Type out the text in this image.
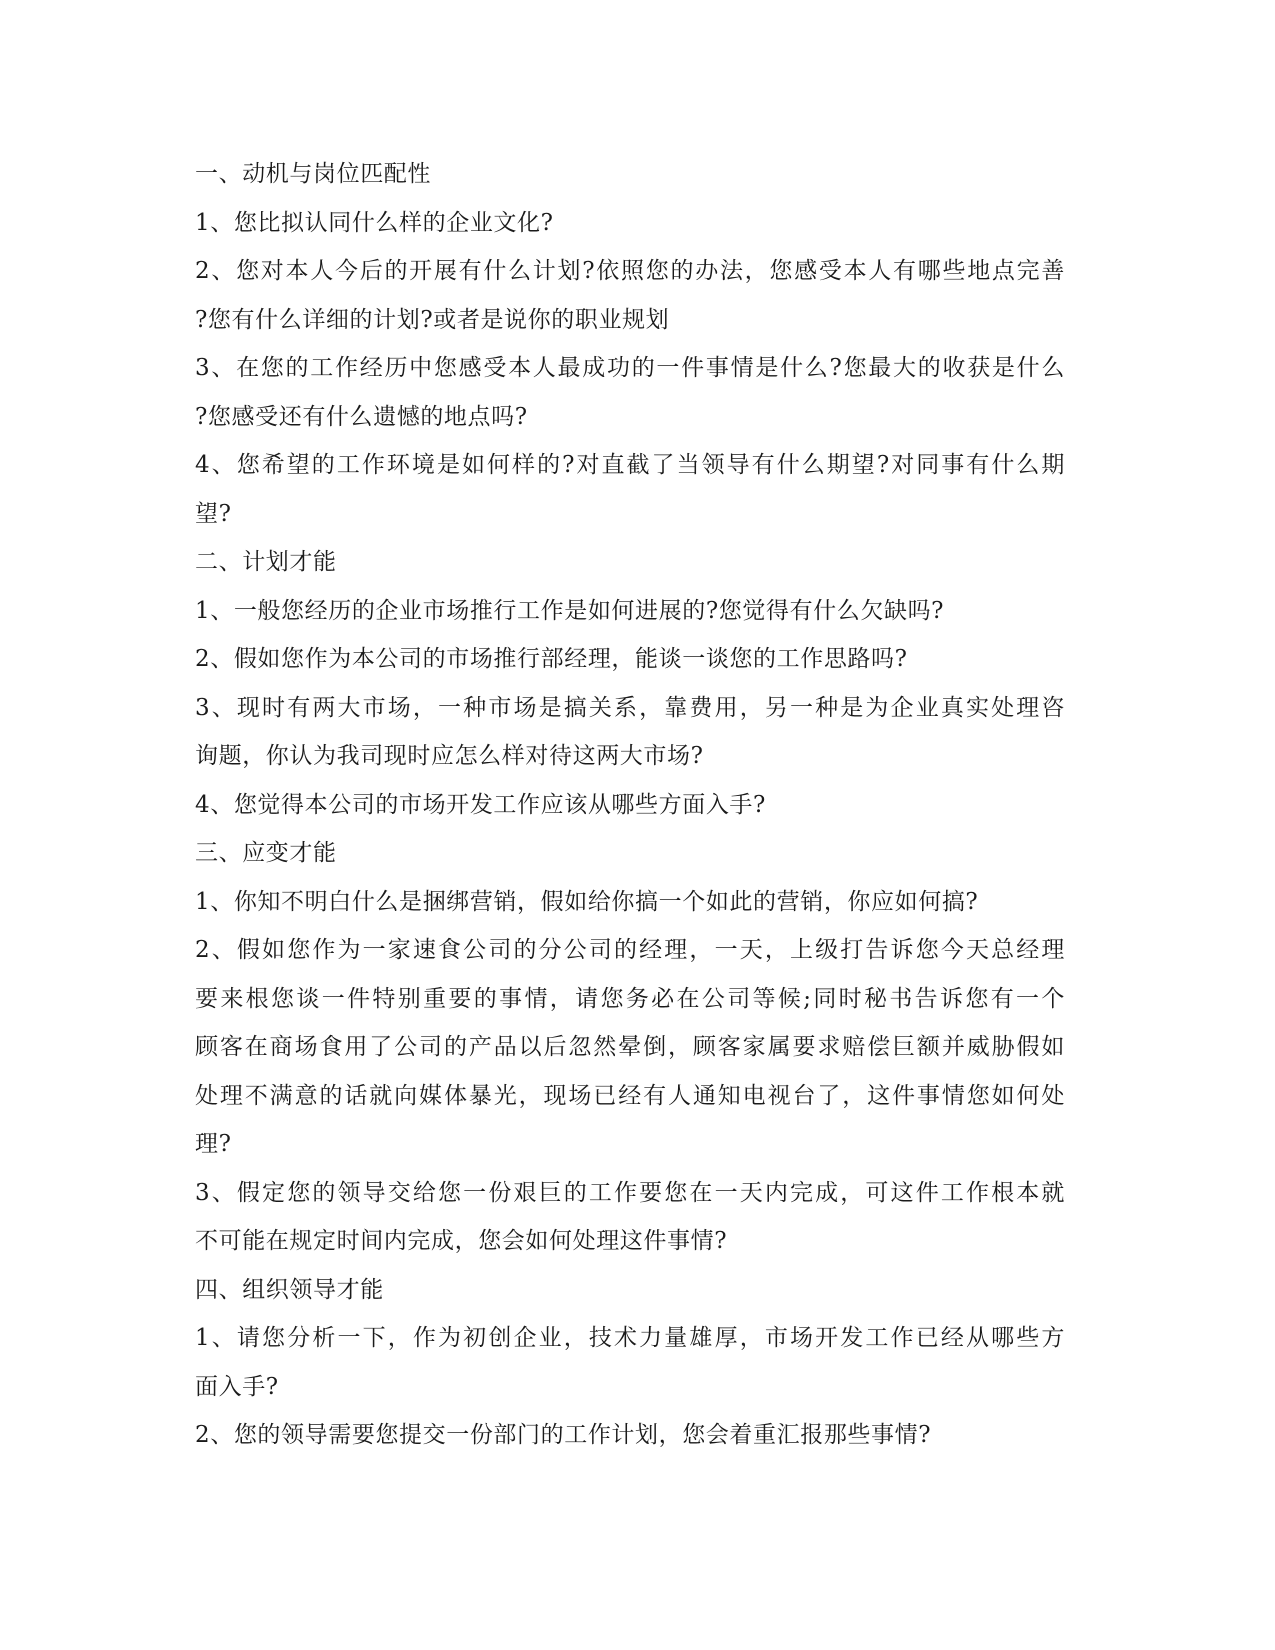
一、动机与岗位匹配性
1、您比拟认同什么样的企业文化?
2、您对本人今后的开展有什么计划?依照您的办法，您感受本人有哪些地点完善
?您有什么详细的计划?或者是说你的职业规划
3、在您的工作经历中您感受本人最成功的一件事情是什么?您最大的收获是什么
?您感受还有什么遗憾的地点吗?
4、您希望的工作环境是如何样的?对直截了当领导有什么期望?对同事有什么期
望?
二、计划才能
1、一般您经历的企业市场推行工作是如何进展的?您觉得有什么欠缺吗?
2、假如您作为本公司的市场推行部经理，能谈一谈您的工作思路吗?
3、现时有两大市场，一种市场是搞关系，靠费用，另一种是为企业真实处理咨
询题，你认为我司现时应怎么样对待这两大市场?
4、您觉得本公司的市场开发工作应该从哪些方面入手?
三、应变才能
1、你知不明白什么是捆绑营销，假如给你搞一个如此的营销，你应如何搞?
2、假如您作为一家速食公司的分公司的经理，一天，上级打告诉您今天总经理
要来根您谈一件特别重要的事情，请您务必在公司等候;同时秘书告诉您有一个
顾客在商场食用了公司的产品以后忽然晕倒，顾客家属要求赔偿巨额并威胁假如
处理不满意的话就向媒体暴光，现场已经有人通知电视台了，这件事情您如何处
理?
3、假定您的领导交给您一份艰巨的工作要您在一天内完成，可这件工作根本就
不可能在规定时间内完成，您会如何处理这件事情?
四、组织领导才能
1、请您分析一下，作为初创企业，技术力量雄厚，市场开发工作已经从哪些方
面入手?
2、您的领导需要您提交一份部门的工作计划，您会着重汇报那些事情?
